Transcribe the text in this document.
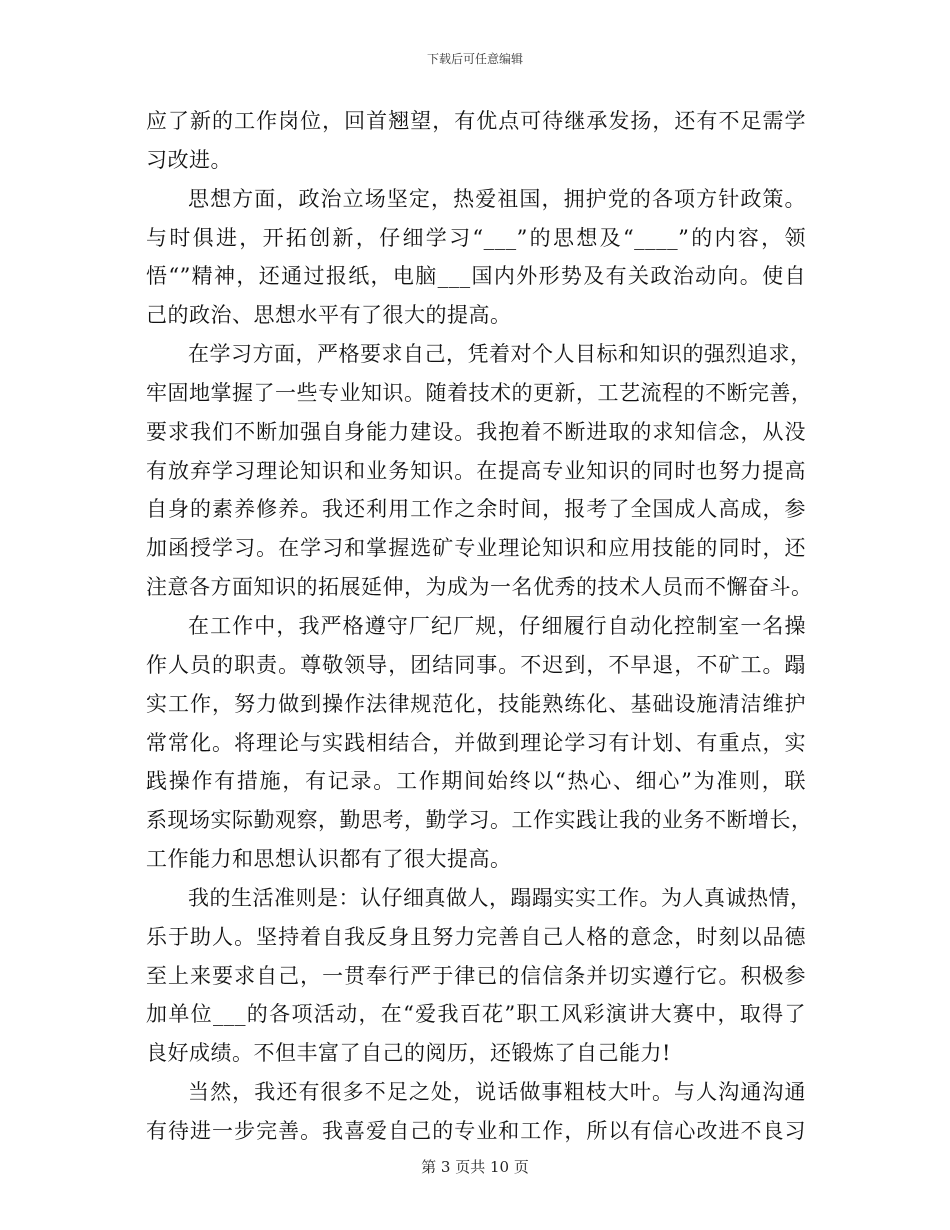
下载后可任意编辑
应了新的工作岗位，回首翘望，有优点可待继承发扬，还有不足需学
习改进。
思想方面，政治立场坚定，热爱祖国，拥护党的各项方针政策。
与时俱进，开拓创新，仔细学习“___”的思想及“____”的内容，领
悟“”精神，还通过报纸，电脑___国内外形势及有关政治动向。使自
己的政治、思想水平有了很大的提高。
在学习方面，严格要求自己，凭着对个人目标和知识的强烈追求，
牢固地掌握了一些专业知识。随着技术的更新，工艺流程的不断完善，
要求我们不断加强自身能力建设。我抱着不断进取的求知信念，从没
有放弃学习理论知识和业务知识。在提高专业知识的同时也努力提高
自身的素养修养。我还利用工作之余时间，报考了全国成人高成，参
加函授学习。在学习和掌握选矿专业理论知识和应用技能的同时，还
注意各方面知识的拓展延伸，为成为一名优秀的技术人员而不懈奋斗。
在工作中，我严格遵守厂纪厂规，仔细履行自动化控制室一名操
作人员的职责。尊敬领导，团结同事。不迟到，不早退，不矿工。蹋
实工作，努力做到操作法律规范化，技能熟练化、基础设施清洁维护
常常化。将理论与实践相结合，并做到理论学习有计划、有重点，实
践操作有措施，有记录。工作期间始终以“热心、细心”为准则，联
系现场实际勤观察，勤思考，勤学习。工作实践让我的业务不断增长，
工作能力和思想认识都有了很大提高。
我的生活准则是：认仔细真做人，蹋蹋实实工作。为人真诚热情，
乐于助人。坚持着自我反身且努力完善自己人格的意念，时刻以品德
至上来要求自己，一贯奉行严于律已的信信条并切实遵行它。积极参
加单位___的各项活动，在“爱我百花”职工风彩演讲大赛中，取得了
良好成绩。不但丰富了自己的阅历，还锻炼了自己能力!
当然，我还有很多不足之处，说话做事粗枝大叶。与人沟通沟通
有待进一步完善。我喜爱自己的专业和工作，所以有信心改进不良习
第 3 页共 10 页
